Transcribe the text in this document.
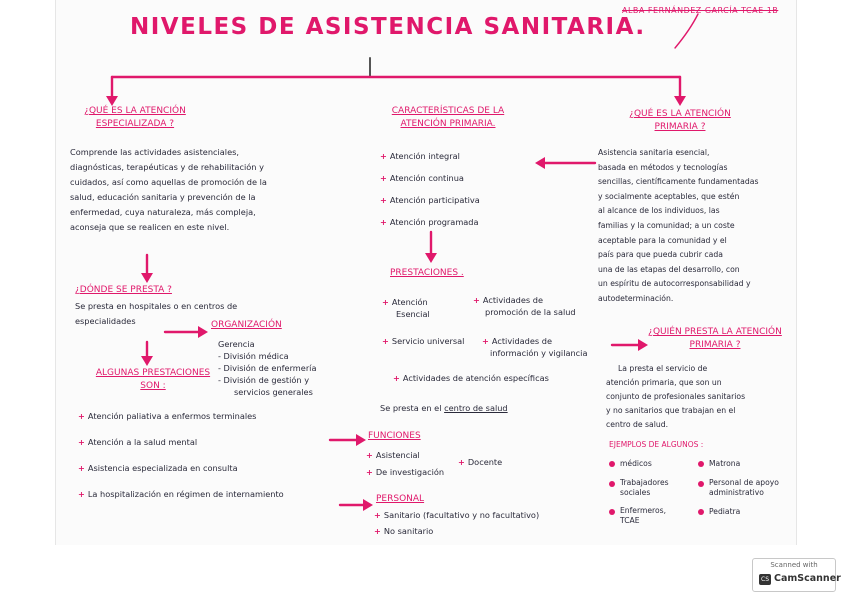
NIVELES DE ASISTENCIA SANITARIA.
ALBA FERNÁNDEZ GARCÍA TCAE 1B
¿QUÉ ES LA ATENCIÓN ESPECIALIZADA ?
Comprende las actividades asistenciales,
diagnósticas, terapéuticas y de rehabilitación y
cuidados, así como aquellas de promoción de la
salud, educación sanitaria y prevención de la
enfermedad, cuya naturaleza, más compleja,
aconseja que se realicen en este nivel.
¿DÓNDE SE PRESTA ?
Se presta en hospitales o en centros de
especialidades	ORGANIZACIÓN
Gerencia
- División médica
- División de enfermería
- División de gestión y
servicios generales
ALGUNAS PRESTACIONES
SON :
+ Atención paliativa a enfermos terminales
+ Atención a la salud mental
+ Asistencia especializada en consulta
+ La hospitalización en régimen de internamiento
CARACTERÍSTICAS DE LA
ATENCIÓN PRIMARIA.
+ Atención integral
+ Atención continua
+ Atención participativa
+ Atención programada
PRESTACIONES .
+ Atención
Esencial
+ Actividades de
promoción de la salud
+ Servicio universal	+ Actividades de
información y vigilancia
+ Actividades de atención específicas
Se presta en el centro de salud
FUNCIONES
+ Asistencial
+ De investigación
+ Docente
PERSONAL
+ Sanitario (facultativo y no facultativo)
+ No sanitario
¿QUÉ ES LA ATENCIÓN
PRIMARIA ?
Asistencia sanitaria esencial,
basada en métodos y tecnologías
sencillas, científicamente fundamentadas
y socialmente aceptables, que estén
al alcance de los individuos, las
familias y la comunidad; a un coste
aceptable para la comunidad y el
país para que pueda cubrir cada
una de las etapas del desarrollo, con
un espíritu de autocorresponsabilidad y
autodeterminación.
¿QUIÉN PRESTA LA ATENCIÓN
PRIMARIA ?
La presta el servicio de
atención primaria, que son un
conjunto de profesionales sanitarios
y no sanitarios que trabajan en el
centro de salud.
EJEMPLOS DE ALGUNOS :
médicos
Trabajadores sociales
Enfermeros, TCAE
Matrona
Personal de apoyo administrativo
Pediatra
Scanned with
CS CamScanner
